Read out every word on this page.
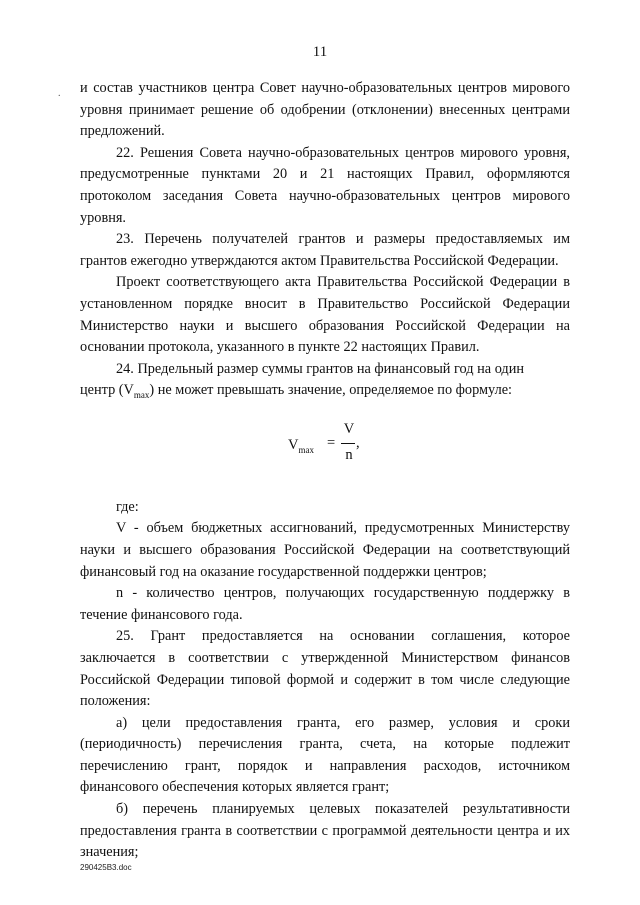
11
. и состав участников центра Совет научно-образовательных центров мирового уровня принимает решение об одобрении (отклонении) внесенных центрами предложений.

22. Решения Совета научно-образовательных центров мирового уровня, предусмотренные пунктами 20 и 21 настоящих Правил, оформляются протоколом заседания Совета научно-образовательных центров мирового уровня.

23. Перечень получателей грантов и размеры предоставляемых им грантов ежегодно утверждаются актом Правительства Российской Федерации.

Проект соответствующего акта Правительства Российской Федерации в установленном порядке вносит в Правительство Российской Федерации Министерство науки и высшего образования Российской Федерации на основании протокола, указанного в пункте 22 настоящих Правил.

24. Предельный размер суммы грантов на финансовый год на один
центр $(V_{max})$ не может превышать значение, определяемое по формуле:

$V_{max}$ =
V
n
,

где:

V - объем бюджетных ассигнований, предусмотренных Министерству науки и высшего образования Российской Федерации на соответствующий финансовый год на оказание государственной поддержки центров;

n - количество центров, получающих государственную поддержку в течение финансового года.

25. Грант предоставляется на основании соглашения, которое заключается в соответствии с утвержденной Министерством финансов Российской Федерации типовой формой и содержит в том числе следующие положения:

а) цели предоставления гранта, его размер, условия и сроки (периодичность) перечисления гранта, счета, на которые подлежит перечислению грант, порядок и направления расходов, источником финансового обеспечения которых является грант;

б) перечень планируемых целевых показателей результативности предоставления гранта в соответствии с программой деятельности центра и их значения;

290425В3.doc
